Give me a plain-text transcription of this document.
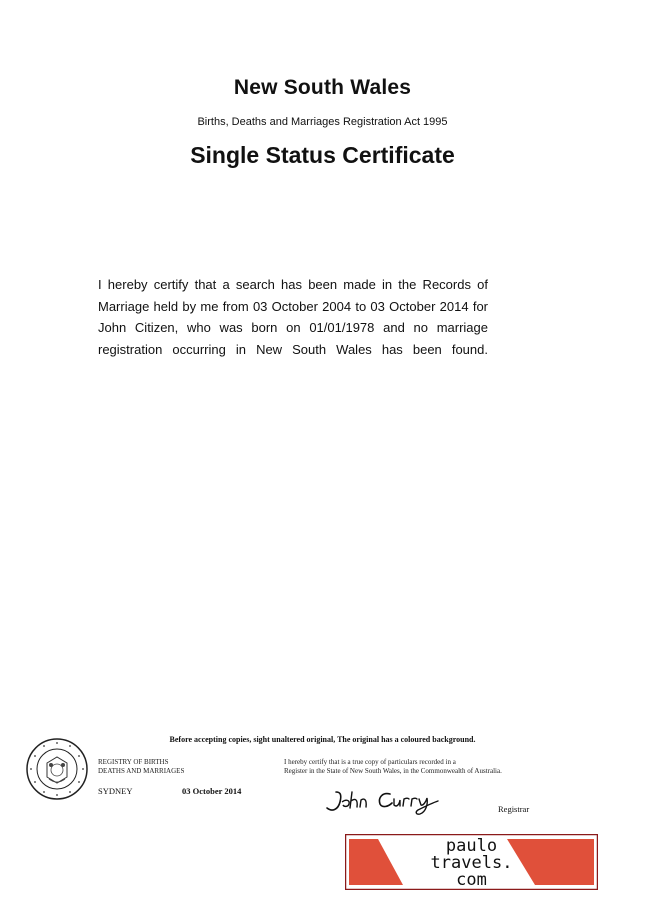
New South Wales
Births, Deaths and Marriages Registration Act 1995
Single Status Certificate
I hereby certify that a search has been made in the Records of Marriage held by me from 03 October 2004 to 03 October 2014 for John Citizen, who was born on 01/01/1978 and no marriage registration occurring in New South Wales has been found.
Before accepting copies, sight unaltered original, The original has a coloured background.
REGISTRY OF BIRTHS
DEATHS AND MARRIAGES
I hereby certify that is a true copy of particulars recorded in a
Register in the State of New South Wales, in the Commonwealth of Australia.
SYDNEY	03 October 2014
Registrar
paulo
travels.
com
